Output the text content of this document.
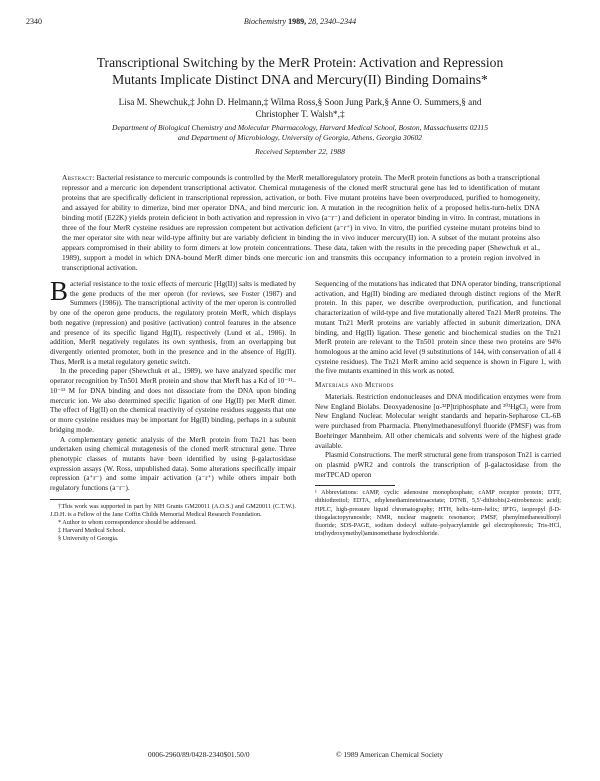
2340	Biochemistry 1989, 28, 2340–2344
Transcriptional Switching by the MerR Protein: Activation and Repression
Mutants Implicate Distinct DNA and Mercury(II) Binding Domains*
Lisa M. Shewchuk,‡ John D. Helmann,‡ Wilma Ross,§ Soon Jung Park,§ Anne O. Summers,§ and
Christopher T. Walsh*,‡
Department of Biological Chemistry and Molecular Pharmacology, Harvard Medical School, Boston, Massachusetts 02115
and Department of Microbiology, University of Georgia, Athens, Georgia 30602
Received September 22, 1988
Abstract: Bacterial resistance to mercuric compounds is controlled by the MerR metalloregulatory protein. The MerR protein functions as both a transcriptional repressor and a mercuric ion dependent transcriptional activator. Chemical mutagenesis of the cloned merR structural gene has led to identification of mutant proteins that are specifically deficient in transcriptional repression, activation, or both. Five mutant proteins have been overproduced, purified to homogeneity, and assayed for ability to dimerize, bind mer operator DNA, and bind mercuric ion. A mutation in the recognition helix of a proposed helix-turn-helix DNA binding motif (E22K) yields protein deficient in both activation and repression in vivo (a⁻r⁻) and deficient in operator binding in vitro. In contrast, mutations in three of the four MerR cysteine residues are repression competent but activation deficient (a⁻r⁺) in vivo. In vitro, the purified cysteine mutant proteins bind to the mer operator site with near wild-type affinity but are variably deficient in binding the in vivo inducer mercury(II) ion. A subset of the mutant proteins also appears compromised in their ability to form dimers at low protein concentrations. These data, taken with the results in the preceding paper (Shewchuk et al., 1989), support a model in which DNA-bound MerR dimer binds one mercuric ion and transmits this occupancy information to a protein region involved in transcriptional activation.

Bacterial resistance to the toxic effects of mercuric [Hg(II)] salts is mediated by the gene products of the mer operon (for reviews, see Foster (1987) and Summers (1986)). The transcriptional activity of the mer operon is controlled by one of the operon gene products, the regulatory protein MerR, which displays both negative (repression) and positive (activation) control features in the absence and presence of its specific ligand Hg(II), respectively (Lund et al., 1986). In addition, MerR negatively regulates its own synthesis, from an overlapping but divergently oriented promoter, both in the presence and in the absence of Hg(II). Thus, MerR is a metal regulatory genetic switch.

In the preceding paper (Shewchuk et al., 1989), we have analyzed specific mer operator recognition by Tn501 MerR protein and show that MerR has a Kd of 10⁻¹¹–10⁻¹² M for DNA binding and does not dissociate from the DNA upon binding mercuric ion. We also determined specific ligation of one Hg(II) per MerR dimer. The effect of Hg(II) on the chemical reactivity of cysteine residues suggests that one or more cysteine residues may be important for Hg(II) binding, perhaps in a subunit bridging mode.

A complementary genetic analysis of the MerR protein from Tn21 has been undertaken using chemical mutagenesis of the cloned merR structural gene. Three phenotypic classes of mutants have been identified by using β-galactosidase expression assays (W. Ross, unpublished data). Some alterations specifically impair repression (a⁺r⁻) and some impair activation (a⁻r⁺) while others impair both regulatory functions (a⁻r⁻).

†This work was supported in part by NIH Grants GM20011 (A.O.S.) and GM20011 (C.T.W.). J.D.H. is a Fellow of the Jane Coffin Childs Memorial Medical Research Foundation.
* Author to whom correspondence should be addressed.
‡ Harvard Medical School.
§ University of Georgia.

Sequencing of the mutations has indicated that DNA operator binding, transcriptional activation, and Hg(II) binding are mediated through distinct regions of the MerR protein. In this paper, we describe overproduction, purification, and functional characterization of wild-type and five mutationally altered Tn21 MerR proteins. The mutant Tn21 MerR proteins are variably affected in subunit dimerization, DNA binding, and Hg(II) ligation. These genetic and biochemical studies on the Tn21 MerR protein are relevant to the Tn501 protein since these two proteins are 94% homologous at the amino acid level (9 substitutions of 144, with conservation of all 4 cysteine residues). The Tn21 MerR amino acid sequence is shown in Figure 1, with the five mutants examined in this work as noted.

Materials and Methods

Materials. Restriction endonucleases and DNA modification enzymes were from New England Biolabs. Deoxyadenosine [α-³²P]triphosphate and ²⁰³HgCl₂ were from New England Nuclear. Molecular weight standards and heparin-Sepharose CL-6B were purchased from Pharmacia. Phenylmethanesulfonyl fluoride (PMSF) was from Boehringer Mannheim. All other chemicals and solvents were of the highest grade available.

Plasmid Constructions. The merR structural gene from transposon Tn21 is carried on plasmid pWR2 and controls the transcription of β-galactosidase from the merTPCAD operon

¹ Abbreviations: cAMP, cyclic adenosine monophosphate; cAMP receptor protein; DTT, dithiothreitol; EDTA, ethylenediaminetetraacetate; DTNB, 5,5′-dithiobis(2-nitrobenzoic acid); HPLC, high-pressure liquid chromatography; HTH, helix–turn–helix; IPTG, isopropyl β-D-thiogalactopyranoside; NMR, nuclear magnetic resonance; PMSF, phenylmethanesulfonyl fluoride; SDS-PAGE, sodium dodecyl sulfate–polyacrylamide gel electrophoresis; Tris-HCl, tris(hydroxymethyl)aminomethane hydrochloride.
0006-2960/89/0428-2340$01.50/0	© 1989 American Chemical Society
